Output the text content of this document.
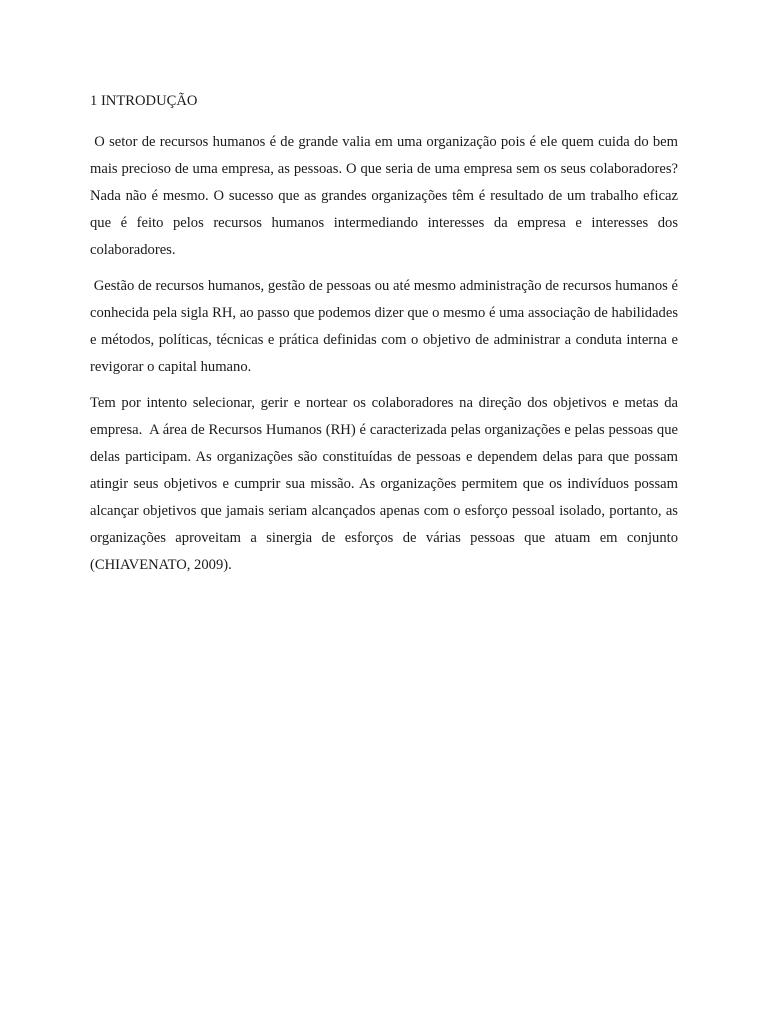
1 INTRODUÇÃO

O setor de recursos humanos é de grande valia em uma organização pois é ele quem cuida do bem mais precioso de uma empresa, as pessoas. O que seria de uma empresa sem os seus colaboradores? Nada não é mesmo. O sucesso que as grandes organizações têm é resultado de um trabalho eficaz que é feito pelos recursos humanos intermediando interesses da empresa e interesses dos colaboradores.

Gestão de recursos humanos, gestão de pessoas ou até mesmo administração de recursos humanos é conhecida pela sigla RH, ao passo que podemos dizer que o mesmo é uma associação de habilidades e métodos, políticas, técnicas e prática definidas com o objetivo de administrar a conduta interna e revigorar o capital humano.

Tem por intento selecionar, gerir e nortear os colaboradores na direção dos objetivos e metas da empresa.  A área de Recursos Humanos (RH) é caracterizada pelas organizações e pelas pessoas que delas participam. As organizações são constituídas de pessoas e dependem delas para que possam atingir seus objetivos e cumprir sua missão. As organizações permitem que os indivíduos possam alcançar objetivos que jamais seriam alcançados apenas com o esforço pessoal isolado, portanto, as organizações aproveitam a sinergia de esforços de várias pessoas que atuam em conjunto (CHIAVENATO, 2009).
